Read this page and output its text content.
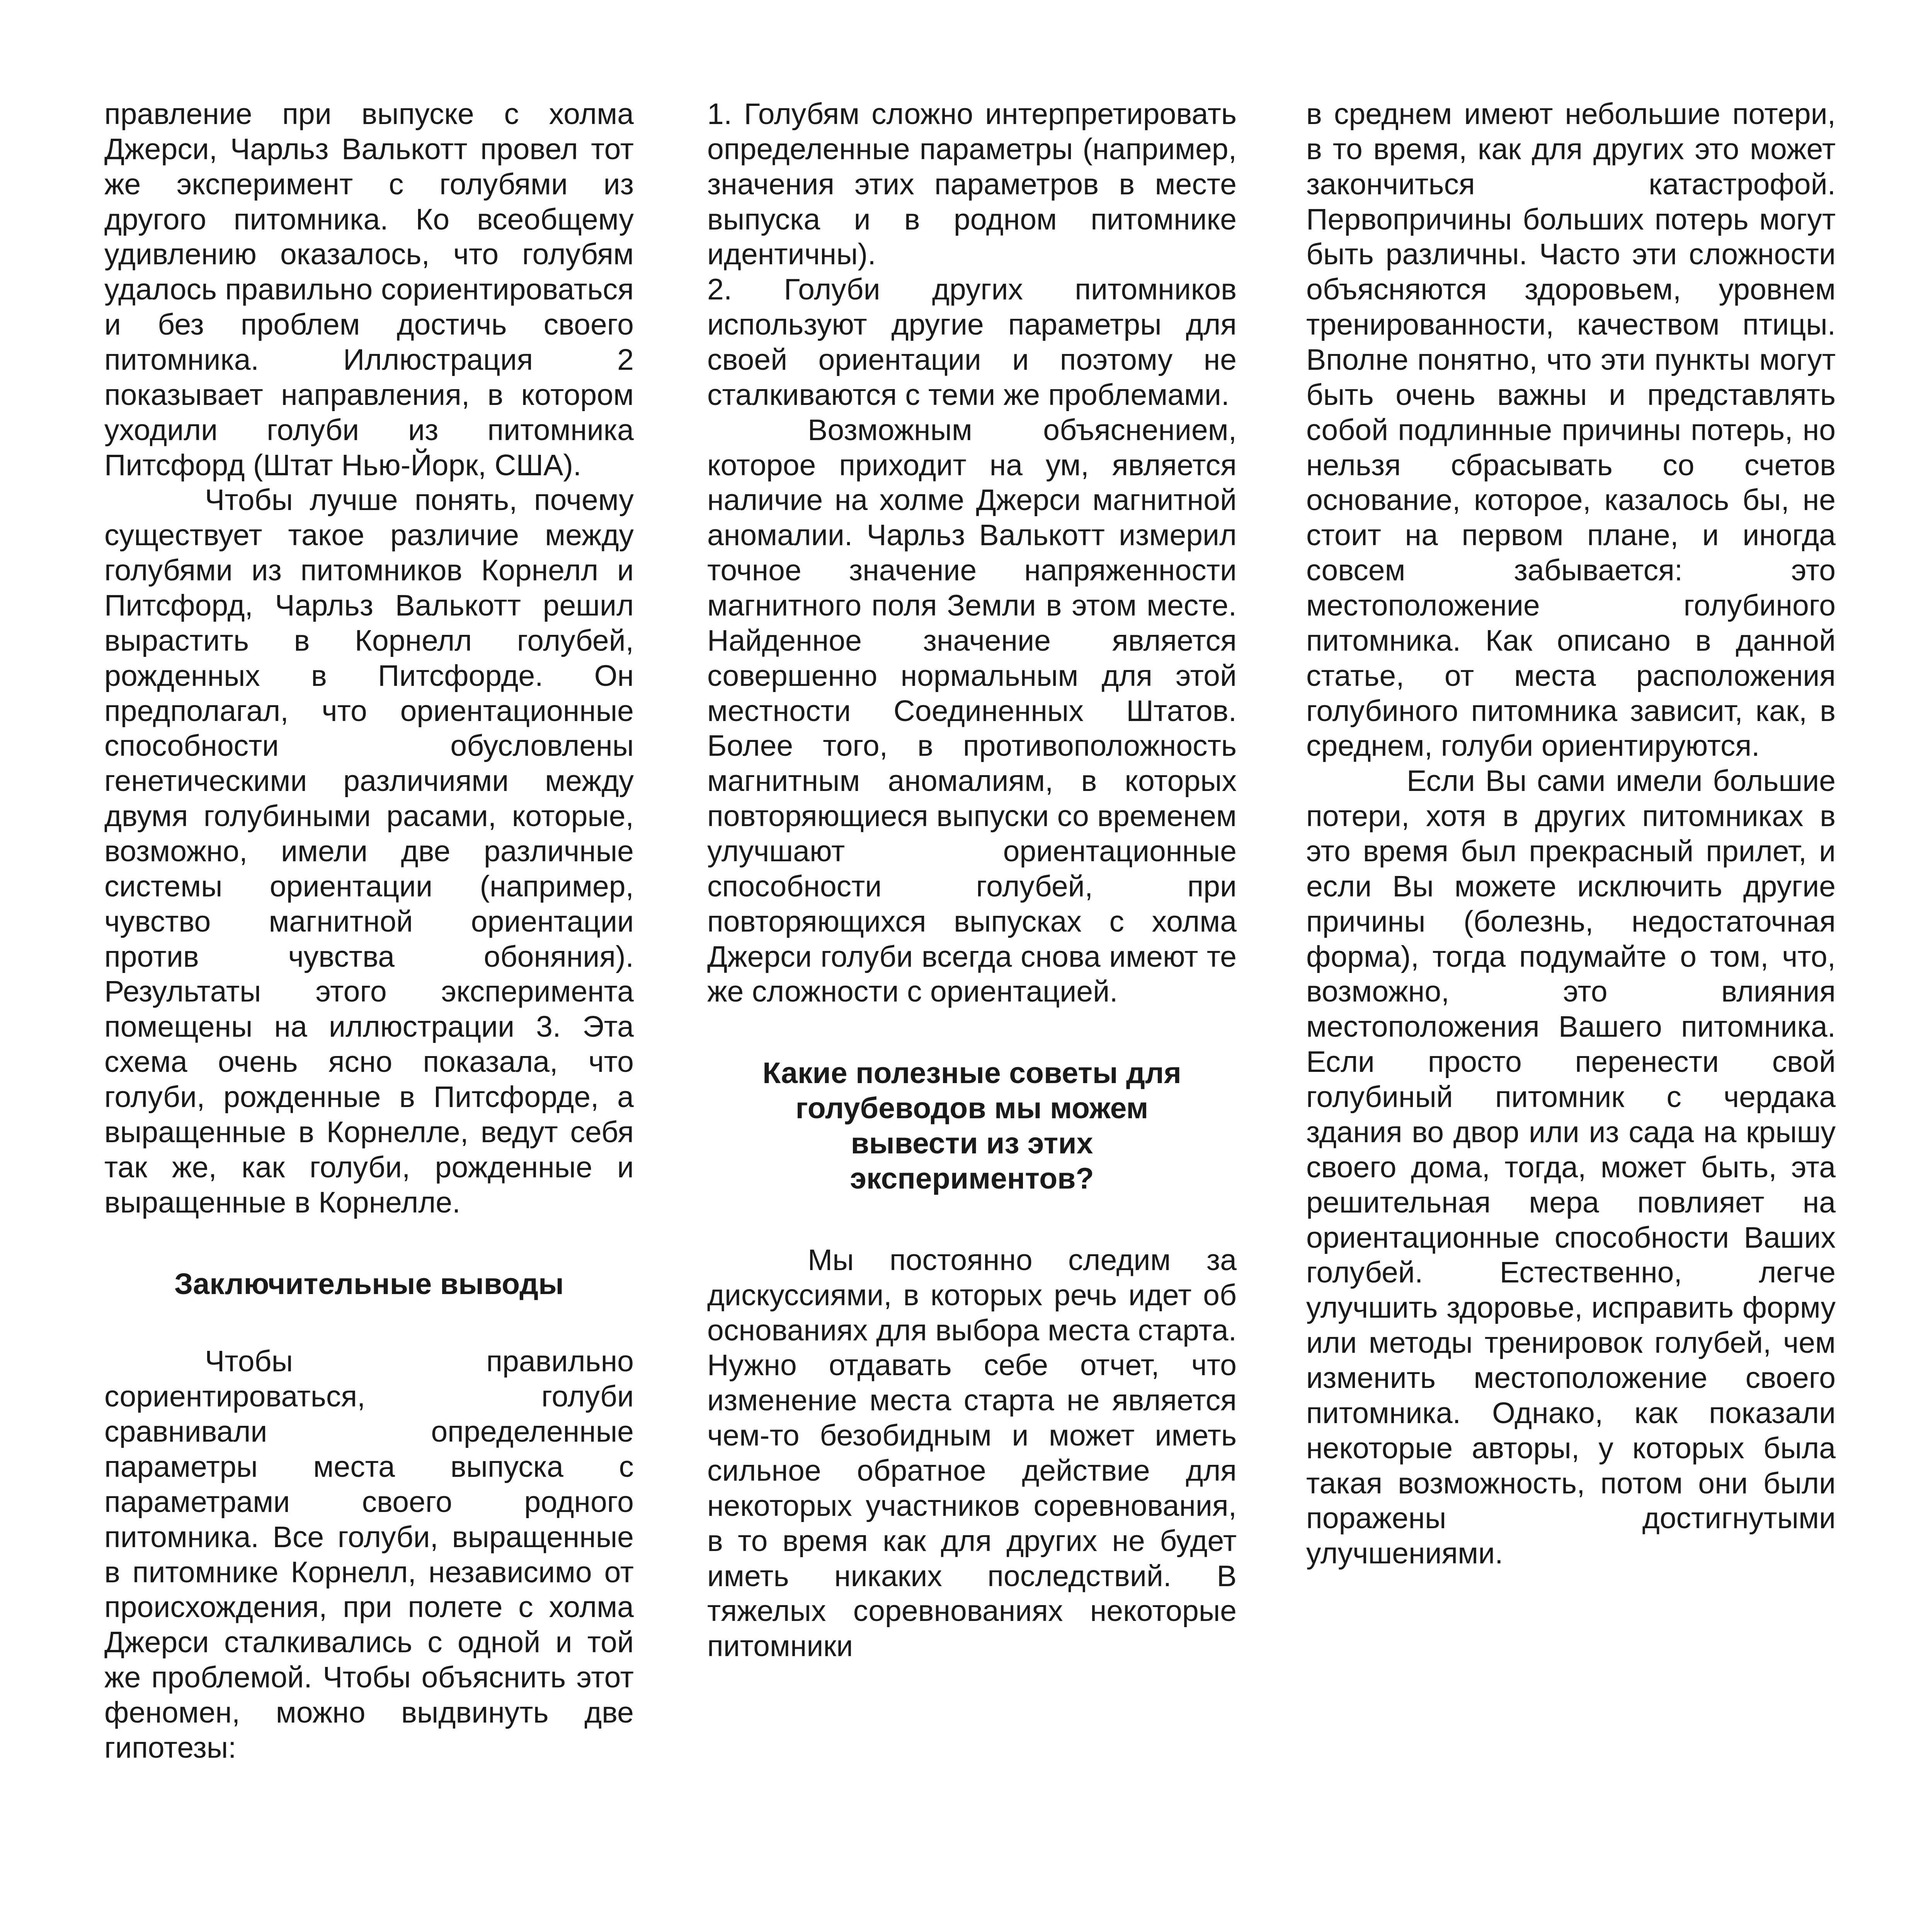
правление при выпуске с холма Джерси, Чарльз Валькотт провел тот же эксперимент с голубями из другого питомника. Ко всеобщему удивлению оказалось, что голубям удалось правильно сориентироваться и без проблем достичь своего питомника. Иллюстрация 2 показывает направления, в котором уходили голуби из питомника Питсфорд (Штат Нью-Йорк, США).

Чтобы лучше понять, почему существует такое различие между голубями из питомников Корнелл и Питсфорд, Чарльз Валькотт решил вырастить в Корнелл голубей, рожденных в Питсфорде. Он предполагал, что ориентационные способности обусловлены генетическими различиями между двумя голубиными расами, которые, возможно, имели две различные системы ориентации (например, чувство магнитной ориентации против чувства обоняния). Результаты этого эксперимента помещены на иллюстрации 3. Эта схема очень ясно показала, что голуби, рожденные в Питсфорде, а выращенные в Корнелле, ведут себя так же, как голуби, рожденные и выращенные в Корнелле.

Заключительные выводы

Чтобы правильно сориентироваться, голуби сравнивали определенные параметры места выпуска с параметрами своего родного питомника. Все голуби, выращенные в питомнике Корнелл, независимо от происхождения, при полете с холма Джерси сталкивались с одной и той же проблемой. Чтобы объяснить этот феномен, можно выдвинуть две гипотезы:

1. Голубям сложно интерпретировать определенные параметры (например, значения этих параметров в месте выпуска и в родном питомнике идентичны).

2. Голуби других питомников используют другие параметры для своей ориентации и поэтому не сталкиваются с теми же проблемами.

Возможным объяснением, которое приходит на ум, является наличие на холме Джерси магнитной аномалии. Чарльз Валькотт измерил точное значение напряженности магнитного поля Земли в этом месте. Найденное значение является совершенно нормальным для этой местности Соединенных Штатов. Более того, в противоположность магнитным аномалиям, в которых повторяющиеся выпуски со временем улучшают ориентационные способности голубей, при повторяющихся выпусках с холма Джерси голуби всегда снова имеют те же сложности с ориентацией.

Какие полезные советы для голубеводов мы можем вывести из этих экспериментов?

Мы постоянно следим за дискуссиями, в которых речь идет об основаниях для выбора места старта. Нужно отдавать себе отчет, что изменение места старта не является чем-то безобидным и может иметь сильное обратное действие для некоторых участников соревнования, в то время как для других не будет иметь никаких последствий. В тяжелых соревнованиях некоторые питомники

в среднем имеют небольшие потери, в то время, как для других это может закончиться катастрофой. Первопричины больших потерь могут быть различны. Часто эти сложности объясняются здоровьем, уровнем тренированности, качеством птицы. Вполне понятно, что эти пункты могут быть очень важны и представлять собой подлинные причины потерь, но нельзя сбрасывать со счетов основание, которое, казалось бы, не стоит на первом плане, и иногда совсем забывается: это местоположение голубиного питомника. Как описано в данной статье, от места расположения голубиного питомника зависит, как, в среднем, голуби ориентируются.

Если Вы сами имели большие потери, хотя в других питомниках в это время был прекрасный прилет, и если Вы можете исключить другие причины (болезнь, недостаточная форма), тогда подумайте о том, что, возможно, это влияния местоположения Вашего питомника. Если просто перенести свой голубиный питомник с чердака здания во двор или из сада на крышу своего дома, тогда, может быть, эта решительная мера повлияет на ориентационные способности Ваших голубей. Естественно, легче улучшить здоровье, исправить форму или методы тренировок голубей, чем изменить местоположение своего питомника. Однако, как показали некоторые авторы, у которых была такая возможность, потом они были поражены достигнутыми улучшениями.
